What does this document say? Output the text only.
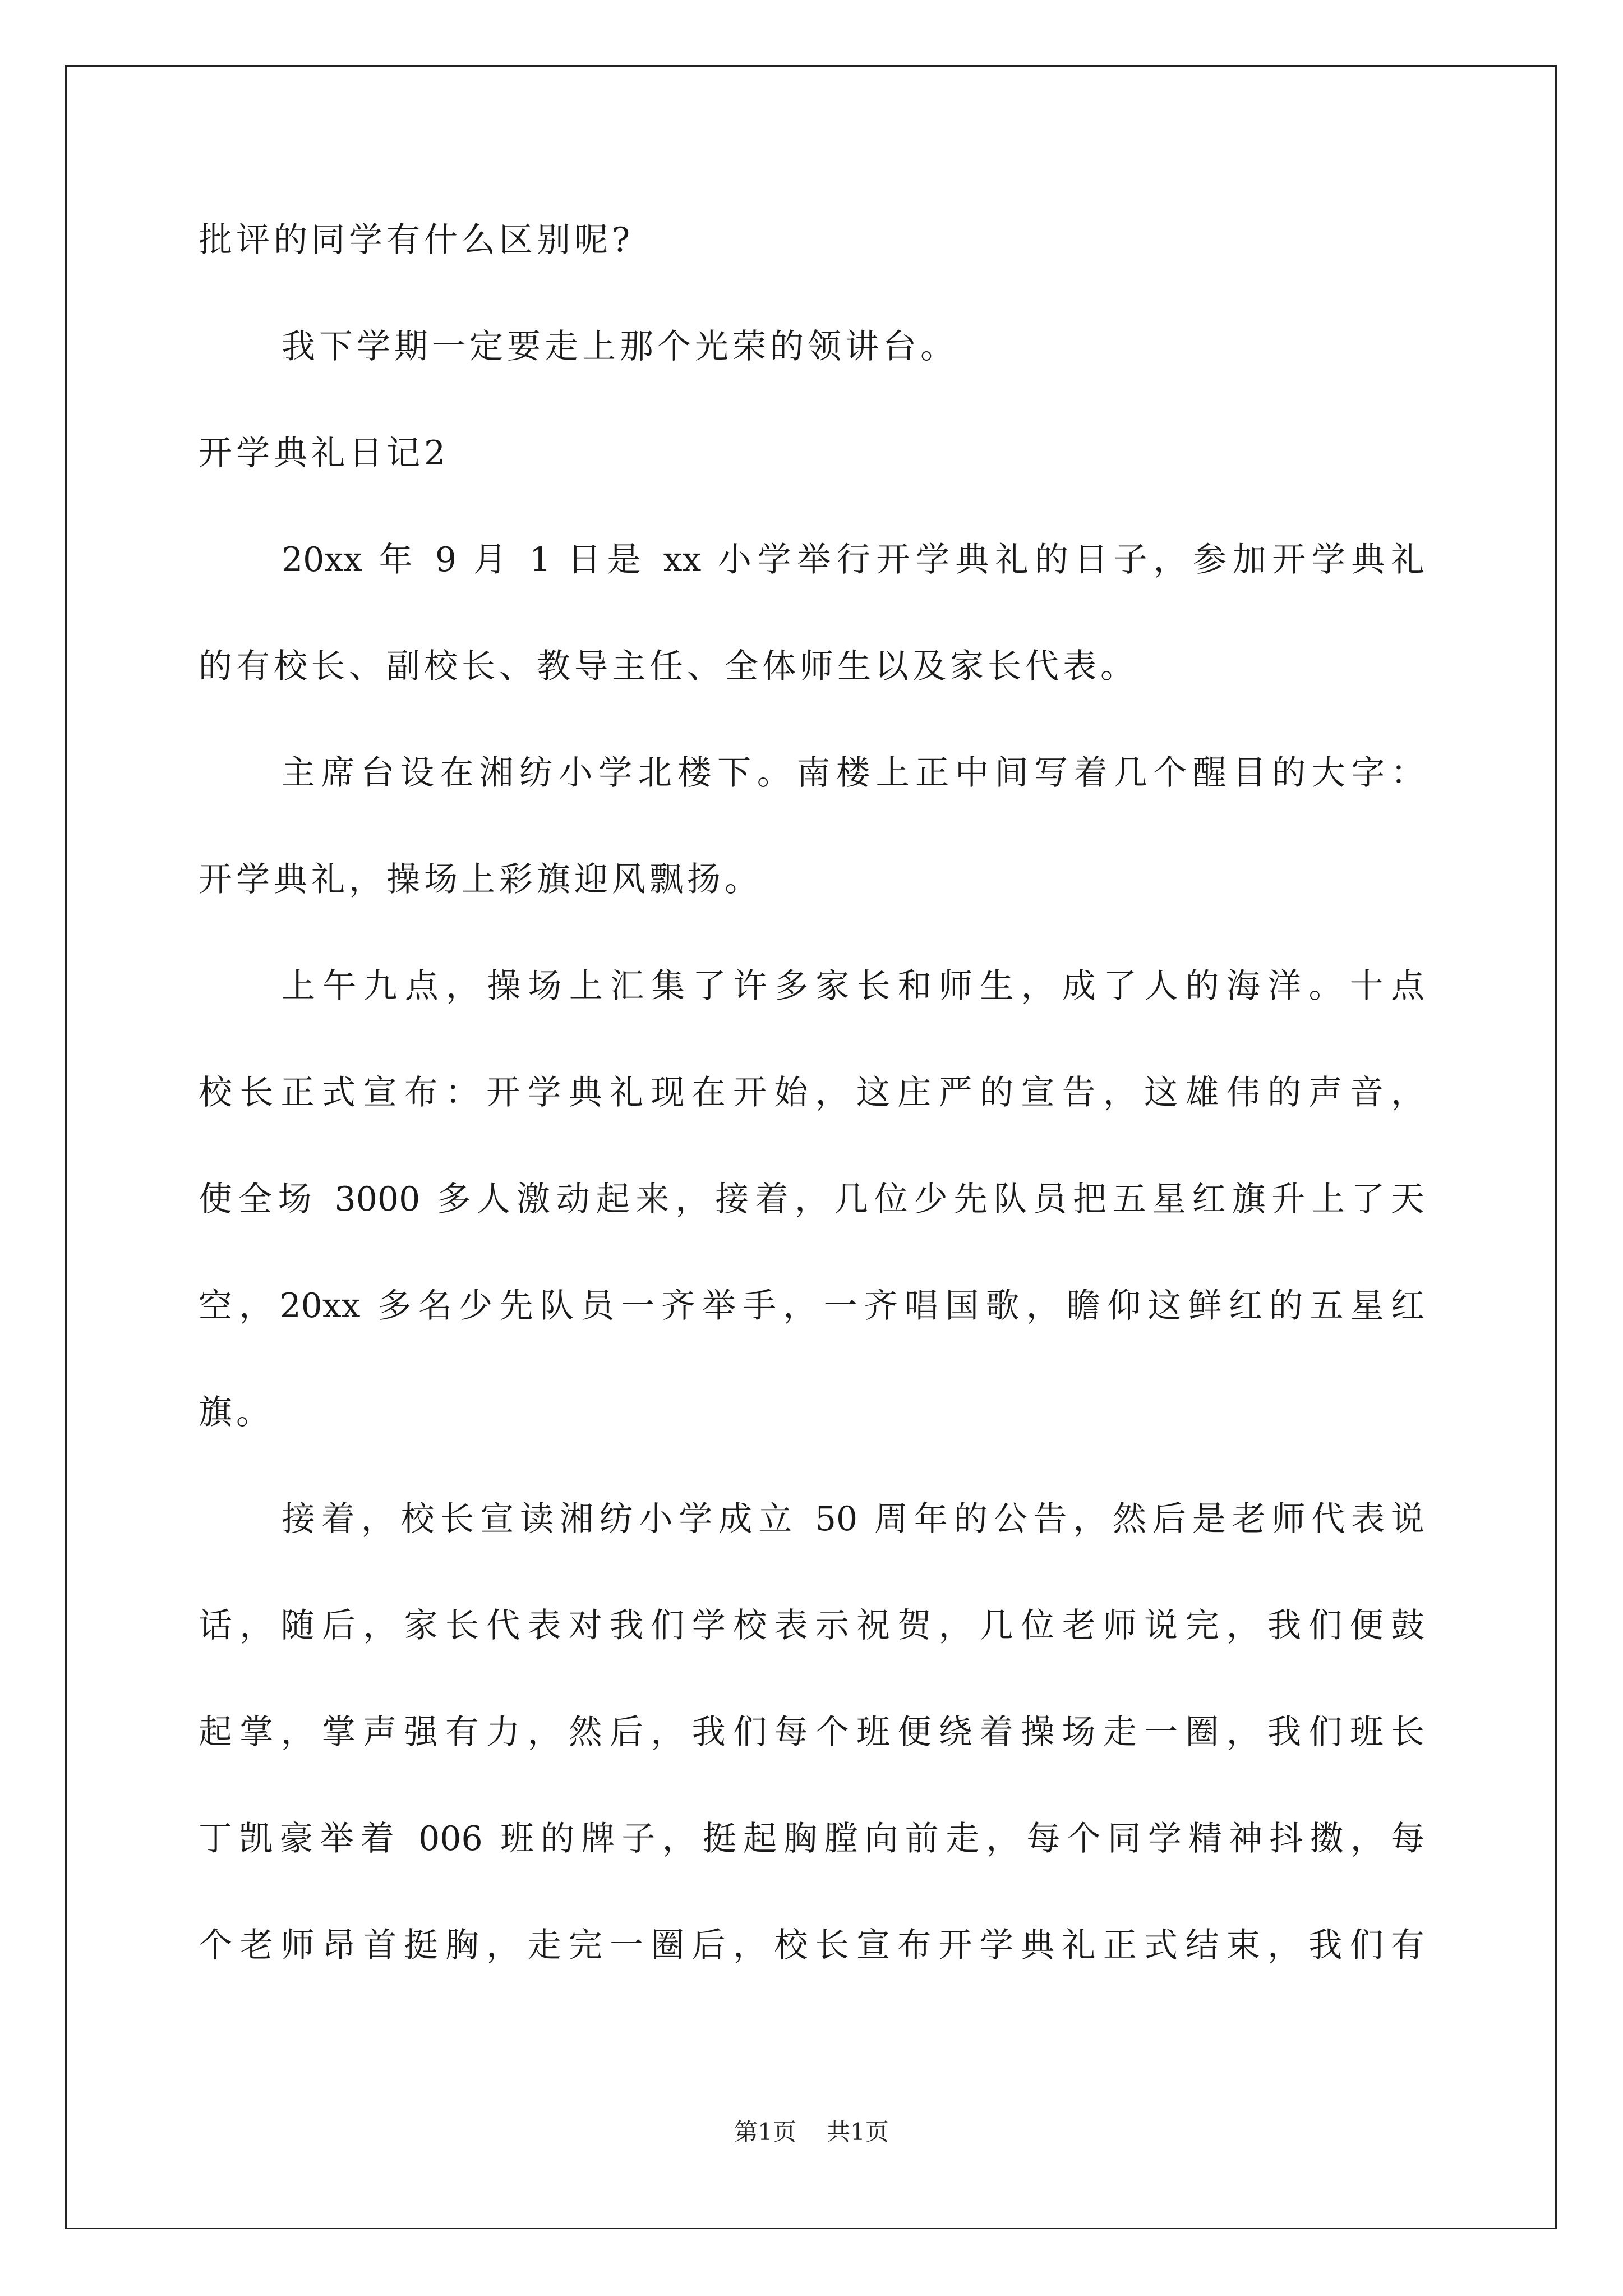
批评的同学有什么区别呢?
我下学期一定要走上那个光荣的领讲台。
开学典礼日记2
20xx 年 9 月 1 日是 xx 小学举行开学典礼的日子，参加开学典礼
的有校长、副校长、教导主任、全体师生以及家长代表。
主席台设在湘纺小学北楼下。南楼上正中间写着几个醒目的大字：
开学典礼，操场上彩旗迎风飘扬。
上午九点，操场上汇集了许多家长和师生，成了人的海洋。十点
校长正式宣布：开学典礼现在开始，这庄严的宣告，这雄伟的声音，
使全场 3000 多人激动起来，接着，几位少先队员把五星红旗升上了天
空，20xx 多名少先队员一齐举手，一齐唱国歌，瞻仰这鲜红的五星红
旗。
接着，校长宣读湘纺小学成立 50 周年的公告，然后是老师代表说
话，随后，家长代表对我们学校表示祝贺，几位老师说完，我们便鼓
起掌，掌声强有力，然后，我们每个班便绕着操场走一圈，我们班长
丁凯豪举着 006 班的牌子，挺起胸膛向前走，每个同学精神抖擞，每
个老师昂首挺胸，走完一圈后，校长宣布开学典礼正式结束，我们有
第1页 共1页
